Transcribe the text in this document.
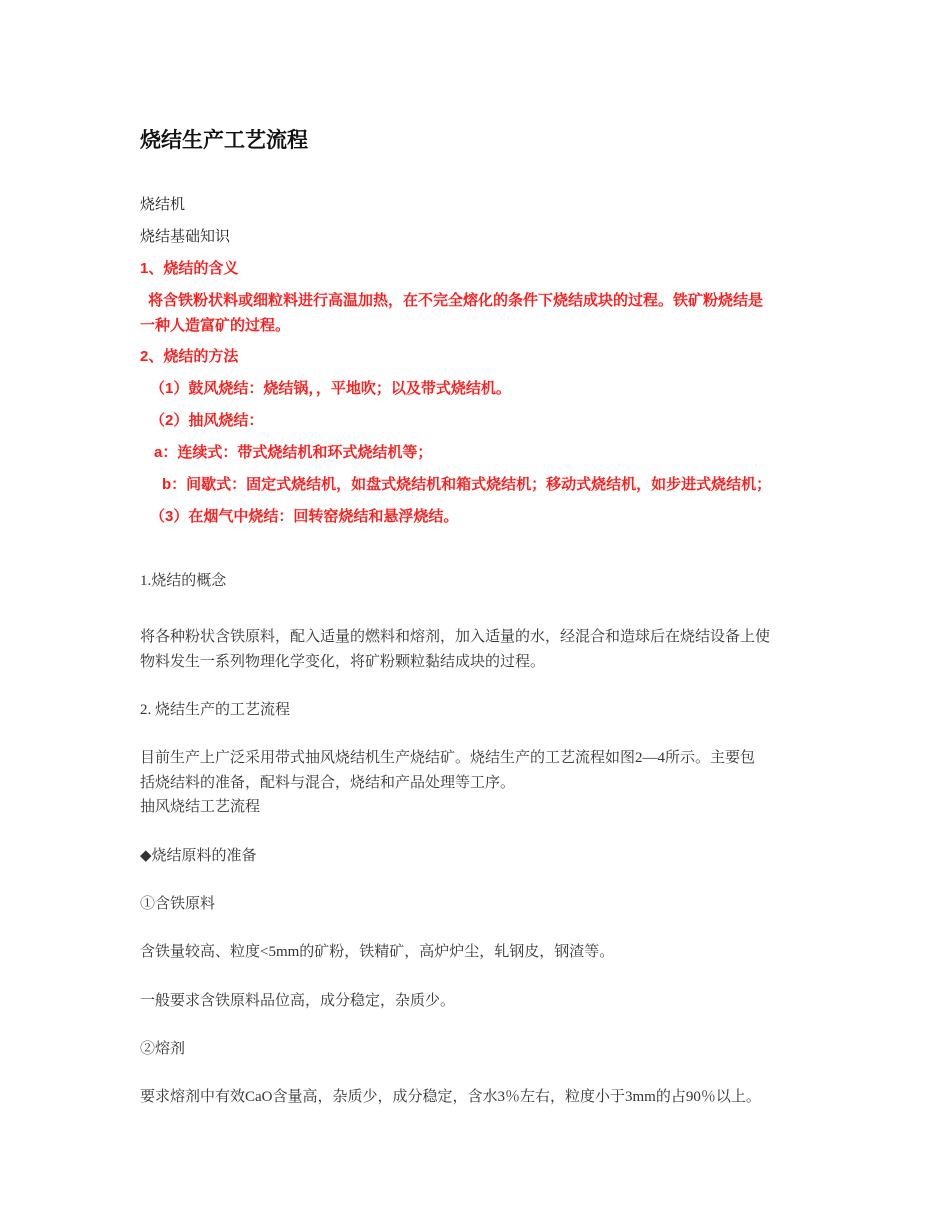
烧结生产工艺流程
烧结机
烧结基础知识
1、烧结的含义
将含铁粉状料或细粒料进行高温加热，在不完全熔化的条件下烧结成块的过程。铁矿粉烧结是
一种人造富矿的过程。
2、烧结的方法
（1）鼓风烧结：烧结锅，，平地吹；以及带式烧结机。
（2）抽风烧结：
a：连续式：带式烧结机和环式烧结机等；
b：间歇式：固定式烧结机，如盘式烧结机和箱式烧结机；移动式烧结机，如步进式烧结机；
（3）在烟气中烧结：回转窑烧结和悬浮烧结。
1.烧结的概念
将各种粉状含铁原料，配入适量的燃料和熔剂，加入适量的水，经混合和造球后在烧结设备上使
物料发生一系列物理化学变化，将矿粉颗粒黏结成块的过程。
2. 烧结生产的工艺流程
目前生产上广泛采用带式抽风烧结机生产烧结矿。烧结生产的工艺流程如图2—4所示。主要包
括烧结料的准备，配料与混合，烧结和产品处理等工序。
抽风烧结工艺流程
◆烧结原料的准备
①含铁原料
含铁量较高、粒度<5mm的矿粉，铁精矿，高炉炉尘，轧钢皮，钢渣等。
一般要求含铁原料品位高，成分稳定，杂质少。
②熔剂
要求熔剂中有效CaO含量高，杂质少，成分稳定，含水3％左右，粒度小于3mm的占90％以上。
